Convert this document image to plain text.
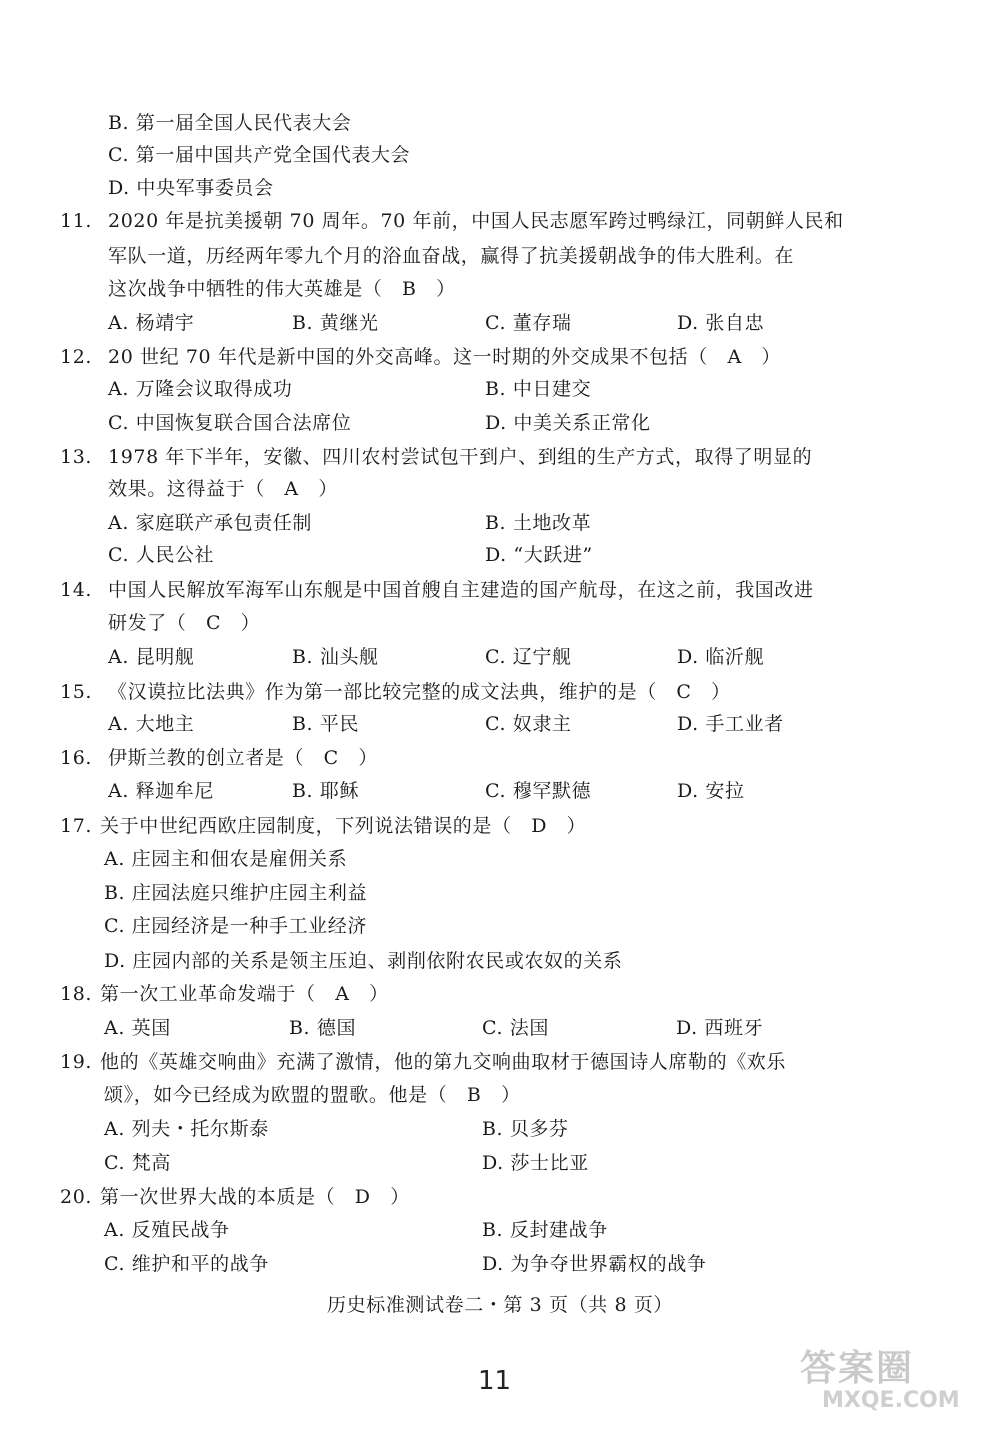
B. 第一届全国人民代表大会
C. 第一届中国共产党全国代表大会
D. 中央军事委员会
11. 2020 年是抗美援朝 70 周年。70 年前，中国人民志愿军跨过鸭绿江，同朝鲜人民和
军队一道，历经两年零九个月的浴血奋战，赢得了抗美援朝战争的伟大胜利。在
这次战争中牺牲的伟大英雄是（　B　）
A. 杨靖宇	B. 黄继光	C. 董存瑞	D. 张自忠
12. 20 世纪 70 年代是新中国的外交高峰。这一时期的外交成果不包括（　A　）
A. 万隆会议取得成功	B. 中日建交
C. 中国恢复联合国合法席位	D. 中美关系正常化
13. 1978 年下半年，安徽、四川农村尝试包干到户、到组的生产方式，取得了明显的
效果。这得益于（　A　）
A. 家庭联产承包责任制	B. 土地改革
C. 人民公社	D. “大跃进”
14. 中国人民解放军海军山东舰是中国首艘自主建造的国产航母，在这之前，我国改进
研发了（　C　）
A. 昆明舰	B. 汕头舰	C. 辽宁舰	D. 临沂舰
15. 《汉谟拉比法典》作为第一部比较完整的成文法典，维护的是（　C　）
A. 大地主	B. 平民	C. 奴隶主	D. 手工业者
16. 伊斯兰教的创立者是（　C　）
A. 释迦牟尼	B. 耶稣	C. 穆罕默德	D. 安拉
17. 关于中世纪西欧庄园制度，下列说法错误的是（　D　）
A. 庄园主和佃农是雇佣关系
B. 庄园法庭只维护庄园主利益
C. 庄园经济是一种手工业经济
D. 庄园内部的关系是领主压迫、剥削依附农民或农奴的关系
18. 第一次工业革命发端于（　A　）
A. 英国	B. 德国	C. 法国	D. 西班牙
19. 他的《英雄交响曲》充满了激情，他的第九交响曲取材于德国诗人席勒的《欢乐
颂》，如今已经成为欧盟的盟歌。他是（　B　）
A. 列夫・托尔斯泰	B. 贝多芬
C. 梵高	D. 莎士比亚
20. 第一次世界大战的本质是（　D　）
A. 反殖民战争	B. 反封建战争
C. 维护和平的战争	D. 为争夺世界霸权的战争
历史标准测试卷二・第 3 页（共 8 页）
11	答案圈
MXQE.COM
